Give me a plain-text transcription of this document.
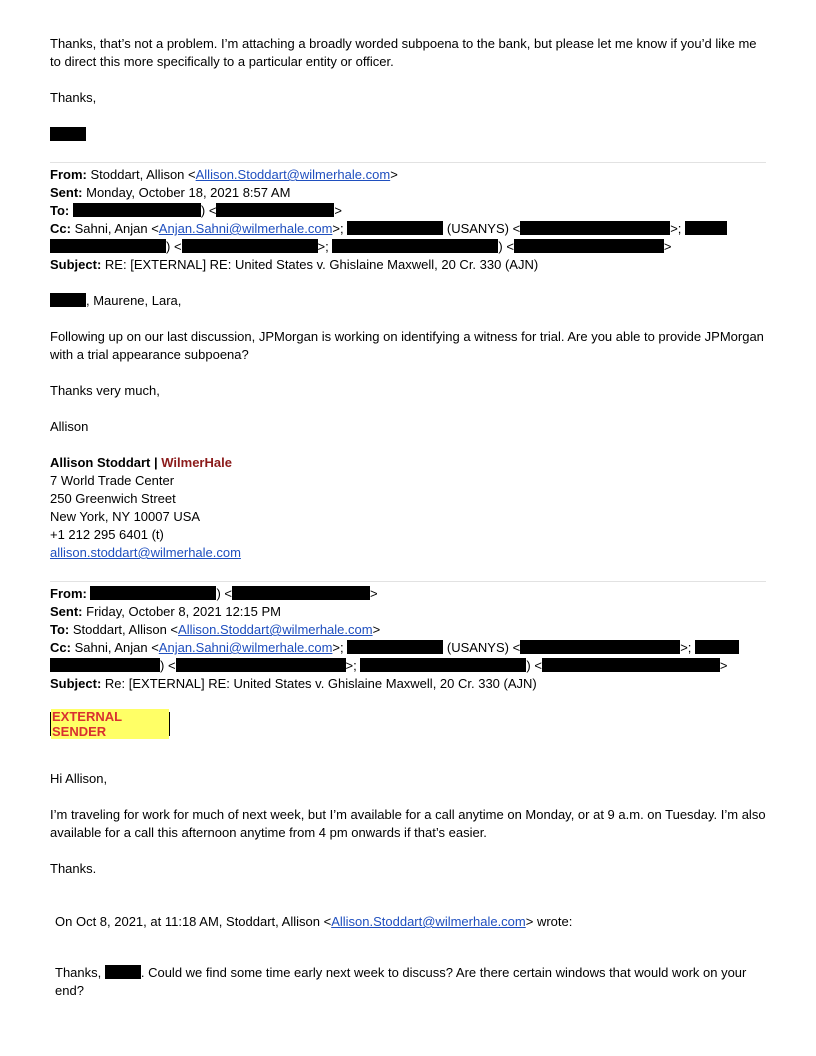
Thanks, that’s not a problem. I’m attaching a broadly worded subpoena to the bank, but please let me know if you’d like me to direct this more specifically to a particular entity or officer.

Thanks,

From: Stoddart, Allison <Allison.Stoddart@wilmerhale.com>

Sent: Monday, October 18, 2021 8:57 AM

To:	) <	>

Cc: Sahni, Anjan <Anjan.Sahni@wilmerhale.com>;	(USANYS) <	>;

) <	>;	) <	>

Subject: RE: [EXTERNAL] RE: United States v. Ghislaine Maxwell, 20 Cr. 330 (AJN)

, Maurene, Lara,

Following up on our last discussion, JPMorgan is working on identifying a witness for trial. Are you able to provide JPMorgan with a trial appearance subpoena?

Thanks very much,

Allison

Allison Stoddart | WilmerHale

7 World Trade Center

250 Greenwich Street

New York, NY 10007 USA

+1 212 295 6401 (t)

allison.stoddart@wilmerhale.com

From:	) <	>

Sent: Friday, October 8, 2021 12:15 PM

To: Stoddart, Allison <Allison.Stoddart@wilmerhale.com>

Cc: Sahni, Anjan <Anjan.Sahni@wilmerhale.com>;	(USANYS) <	>;

) <	>;	) <	>

Subject: Re: [EXTERNAL] RE: United States v. Ghislaine Maxwell, 20 Cr. 330 (AJN)

EXTERNAL SENDER

Hi Allison,

I’m traveling for work for much of next week, but I’m available for a call anytime on Monday, or at 9 a.m. on Tuesday. I’m also available for a call this afternoon anytime from 4 pm onwards if that’s easier.

Thanks.

On Oct 8, 2021, at 11:18 AM, Stoddart, Allison <Allison.Stoddart@wilmerhale.com> wrote:

Thanks,	. Could we find some time early next week to discuss? Are there certain windows that would work on your end?
